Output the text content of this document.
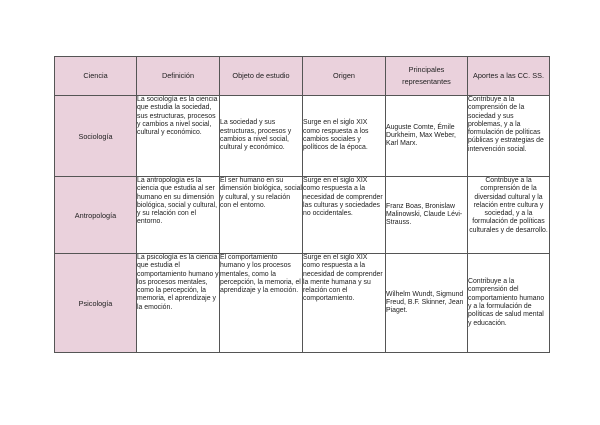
Ciencia	Definición	Objeto de estudio	Origen	Principales representantes	Aportes a las CC. SS.
Sociología	La sociología es la ciencia que estudia la sociedad, sus estructuras, procesos y cambios a nivel social, cultural y económico.	La sociedad y sus estructuras, procesos y cambios a nivel social, cultural y económico.	Surge en el siglo XIX como respuesta a los cambios sociales y políticos de la época.	Auguste Comte, Émile Durkheim, Max Weber, Karl Marx.	Contribuye a la comprensión de la sociedad y sus problemas, y a la formulación de políticas públicas y estrategias de intervención social.
Antropología	La antropología es la ciencia que estudia al ser humano en su dimensión biológica, social y cultural, y su relación con el entorno.	El ser humano en su dimensión biológica, social y cultural, y su relación con el entorno.	Surge en el siglo XIX como respuesta a la necesidad de comprender las culturas y sociedades no occidentales.	Franz Boas, Bronislaw Malinowski, Claude Lévi-Strauss.	Contribuye a la comprensión de la diversidad cultural y la relación entre cultura y sociedad, y a la formulación de políticas culturales y de desarrollo.
Psicología	La psicología es la ciencia que estudia el comportamiento humano y los procesos mentales, como la percepción, la memoria, el aprendizaje y la emoción.	El comportamiento humano y los procesos mentales, como la percepción, la memoria, el aprendizaje y la emoción.	Surge en el siglo XIX como respuesta a la necesidad de comprender la mente humana y su relación con el comportamiento.	Wilhelm Wundt, Sigmund Freud, B.F. Skinner, Jean Piaget.	Contribuye a la comprensión del comportamiento humano y a la formulación de políticas de salud mental y educación.
